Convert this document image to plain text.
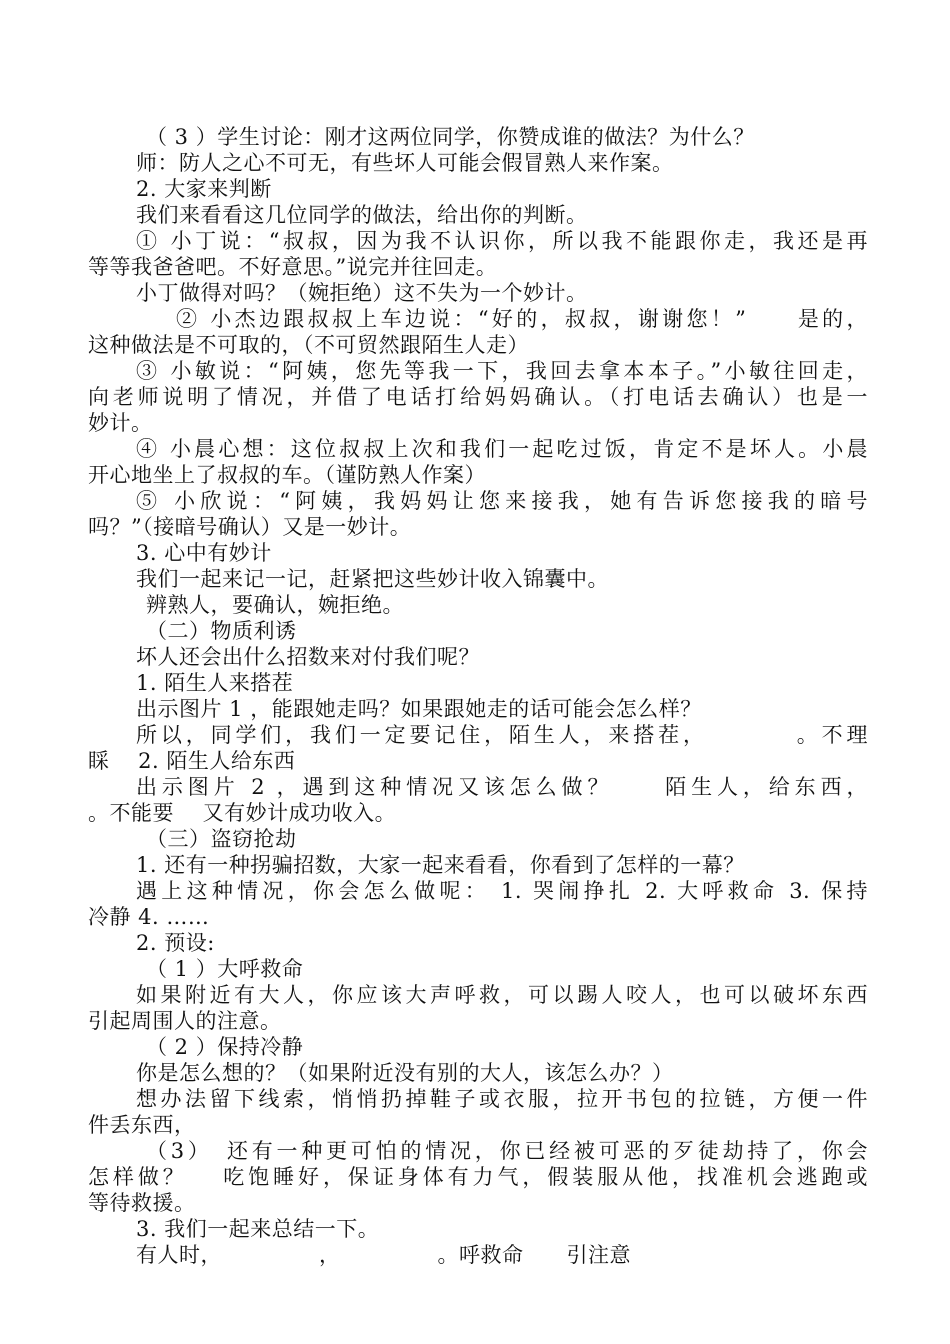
（ 3 ）学生讨论：刚才这两位同学，你赞成谁的做法？为什么？
师：防人之心不可无，有些坏人可能会假冒熟人来作案。
2. 大家来判断
我们来看看这几位同学的做法，给出你的判断。
① 小丁说：“叔叔，因为我不认识你，所以我不能跟你走，我还是再
等等我爸爸吧。不好意思。”说完并往回走。
小丁做得对吗？（婉拒绝）这不失为一个妙计。
② 小杰边跟叔叔上车边说：“好的，叔叔，谢谢您！”　　是的，
这种做法是不可取的，（不可贸然跟陌生人走）
③ 小敏说：“阿姨，您先等我一下，我回去拿本本子。”小敏往回走，
向老师说明了情况，并借了电话打给妈妈确认。（打电话去确认）也是一
妙计。
④ 小晨心想：这位叔叔上次和我们一起吃过饭，肯定不是坏人。小晨
开心地坐上了叔叔的车。（谨防熟人作案）
⑤ 小欣说：“阿姨，我妈妈让您来接我，她有告诉您接我的暗号
吗？”（接暗号确认）又是一妙计。
3. 心中有妙计
我们一起来记一记，赶紧把这些妙计收入锦囊中。
辨熟人，要确认，婉拒绝。
（二）物质利诱
坏人还会出什么招数来对付我们呢？
1. 陌生人来搭茬
出示图片 1 ，能跟她走吗？如果跟她走的话可能会怎么样？
所以，同学们，我们一定要记住，陌生人，来搭茬，　　　　。不理
睬　 2. 陌生人给东西
出示图片 2 ，遇到这种情况又该怎么做？　　陌生人，给东西，
。不能要　 又有妙计成功收入。
（三）盗窃抢劫
1. 还有一种拐骗招数，大家一起来看看，你看到了怎样的一幕？
遇上这种情况，你会怎么做呢： 1. 哭闹挣扎 2. 大呼救命 3. 保持
冷静 4. ……
2. 预设:
（ 1 ）大呼救命
如果附近有大人，你应该大声呼救，可以踢人咬人，也可以破坏东西
引起周围人的注意。
（ 2 ）保持冷静
你是怎么想的？（如果附近没有别的大人，该怎么办？）
想办法留下线索，悄悄扔掉鞋子或衣服，拉开书包的拉链，方便一件
件丢东西，
（3）　还有一种更可怕的情况，你已经被可恶的歹徒劫持了，你会
怎样做？　 吃饱睡好，保证身体有力气，假装服从他，找准机会逃跑或
等待救援。
3. 我们一起来总结一下。
有人时，　　　　　，　　　　　。呼救命　　引注意
